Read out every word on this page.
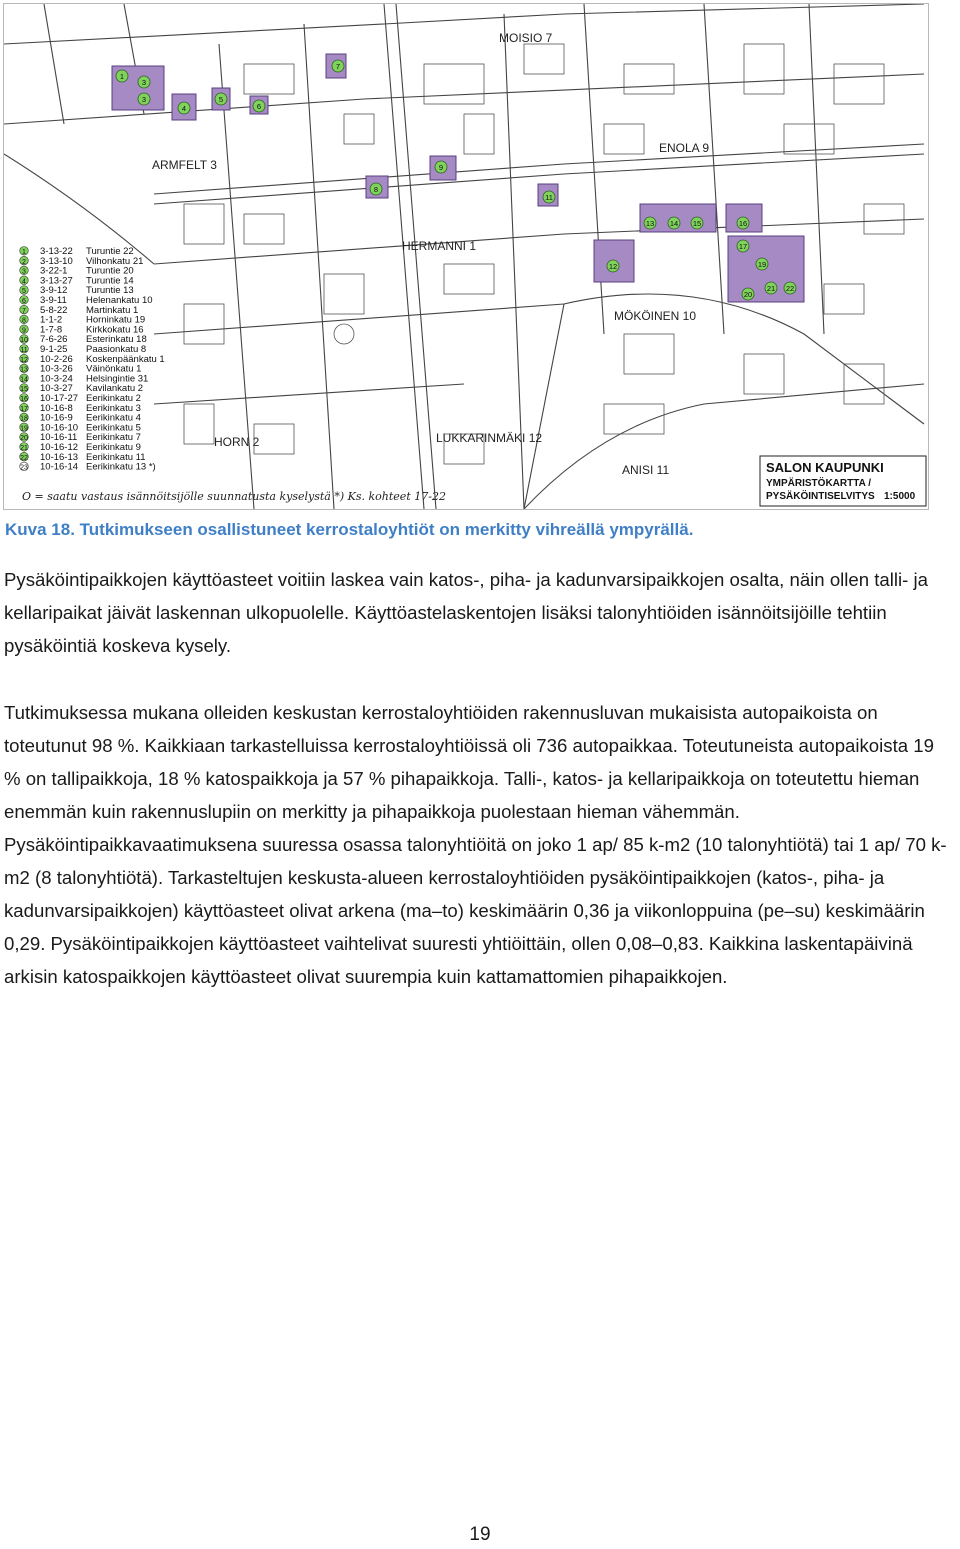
MOISIO 7
ARMFELT 3
ENOLA 9
HERMANNI 1
MÖKÖINEN 10
HORN 2	LUKKARINMÄKI 12
ANISI 11
1
3
3
4
5
6
7
8
9
11
12
13 14 15	16
17
19
20
21 22
1 3-13-22 Turuntie 22
2 3-13-10 Vilhonkatu 21
3 3-22-1 Turuntie 20
4 3-13-27 Turuntie 14
5 3-9-12 Turuntie 13
6 3-9-11 Helenankatu 10
7 5-8-22 Martinkatu 1
8 1-1-2	Horninkatu 19
9 1-7-8	Kirkkokatu 16
10 7-6-26 Esterinkatu 18
11 9-1-25 Paasionkatu 8
12 10-2-26 Koskenpäänkatu 1
13 10-3-26 Väinönkatu 1
14 10-3-24 Helsingintie 31
15 10-3-27 Kavilankatu 2
16 10-17-27 Eerikinkatu 2
17 10-16-8 Eerikinkatu 3
18 10-16-9 Eerikinkatu 4
19 10-16-10 Eerikinkatu 5
20 10-16-11 Eerikinkatu 7
21 10-16-12 Eerikinkatu 9
22 10-16-13 Eerikinkatu 11
23 10-16-14 Eerikinkatu 13 *)	SALON KAUPUNKI
YMPÄRISTÖKARTTA /
PYSÄKÖINTISELVITYS 1:5000
O = saatu vastaus isännöitsijölle suunnatusta kyselystä *) Ks. kohteet 17-22
Kuva 18. Tutkimukseen osallistuneet kerrostaloyhtiöt on merkitty vihreällä ympyrällä.

Pysäköintipaikkojen käyttöasteet voitiin laskea vain katos-, piha- ja kadunvarsipaikkojen osalta, näin ollen talli- ja kellaripaikat jäivät laskennan ulkopuolelle. Käyttöastelaskentojen lisäksi talonyhtiöiden isännöitsijöille tehtiin pysäköintiä koskeva kysely.

Tutkimuksessa mukana olleiden keskustan kerrostaloyhtiöiden rakennusluvan mukaisista autopaikoista on toteutunut 98 %. Kaikkiaan tarkastelluissa kerrostaloyhtiöissä oli 736 autopaikkaa. Toteutuneista autopaikoista 19 % on tallipaikkoja, 18 % katospaikkoja ja 57 % pihapaikkoja. Talli-, katos- ja kellaripaikkoja on toteutettu hieman enemmän kuin rakennuslupiin on merkitty ja pihapaikkoja puolestaan hieman vähemmän. Pysäköintipaikkavaatimuksena suuressa osassa talonyhtiöitä on joko 1 ap/ 85 k-m2 (10 talonyhtiötä) tai 1 ap/ 70 k-m2 (8 talonyhtiötä). Tarkasteltujen keskusta-alueen kerrostaloyhtiöiden pysäköintipaikkojen (katos-, piha- ja kadunvarsipaikkojen) käyttöasteet olivat arkena (ma–to) keskimäärin 0,36 ja viikonloppuina (pe–su) keskimäärin 0,29. Pysäköintipaikkojen käyttöasteet vaihtelivat suuresti yhtiöittäin, ollen 0,08–0,83. Kaikkina laskentapäivinä arkisin katospaikkojen käyttöasteet olivat suurempia kuin kattamattomien pihapaikkojen.

19
